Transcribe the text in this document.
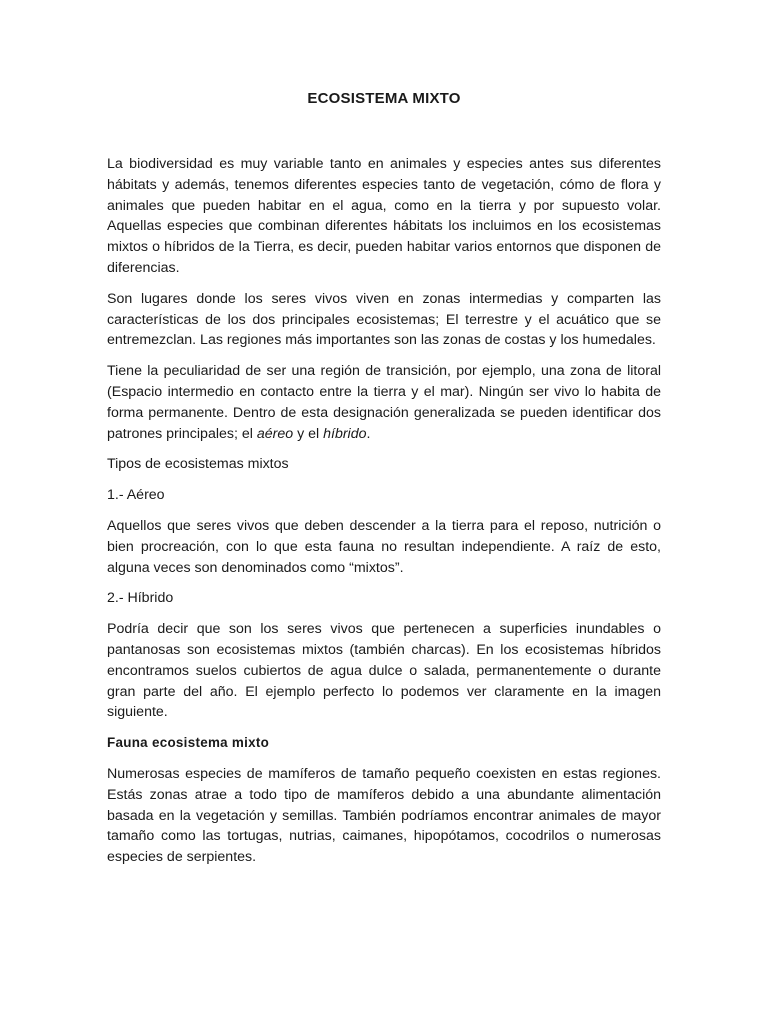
ECOSISTEMA MIXTO

La biodiversidad es muy variable tanto en animales y especies antes sus diferentes hábitats y además, tenemos diferentes especies tanto de vegetación, cómo de flora y animales que pueden habitar en el agua, como en la tierra y por supuesto volar. Aquellas especies que combinan diferentes hábitats los incluimos en los ecosistemas mixtos o híbridos de la Tierra, es decir, pueden habitar varios entornos que disponen de diferencias.

Son lugares donde los seres vivos viven en zonas intermedias y comparten las características de los dos principales ecosistemas; El terrestre y el acuático que se entremezclan. Las regiones más importantes son las zonas de costas y los humedales.

Tiene la peculiaridad de ser una región de transición, por ejemplo, una zona de litoral (Espacio intermedio en contacto entre la tierra y el mar). Ningún ser vivo lo habita de forma permanente. Dentro de esta designación generalizada se pueden identificar dos patrones principales; el aéreo y el híbrido.

Tipos de ecosistemas mixtos

1.- Aéreo

Aquellos que seres vivos que deben descender a la tierra para el reposo, nutrición o bien procreación, con lo que esta fauna no resultan independiente. A raíz de esto, alguna veces son denominados como “mixtos”.

2.- Híbrido

Podría decir que son los seres vivos que pertenecen a superficies inundables o pantanosas son ecosistemas mixtos (también charcas). En los ecosistemas híbridos encontramos suelos cubiertos de agua dulce o salada, permanentemente o durante gran parte del año. El ejemplo perfecto lo podemos ver claramente en la imagen siguiente.

Fauna ecosistema mixto

Numerosas especies de mamíferos de tamaño pequeño coexisten en estas regiones. Estás zonas atrae a todo tipo de mamíferos debido a una abundante alimentación basada en la vegetación y semillas. También podríamos encontrar animales de mayor tamaño como las tortugas, nutrias, caimanes, hipopótamos, cocodrilos o numerosas especies de serpientes.
